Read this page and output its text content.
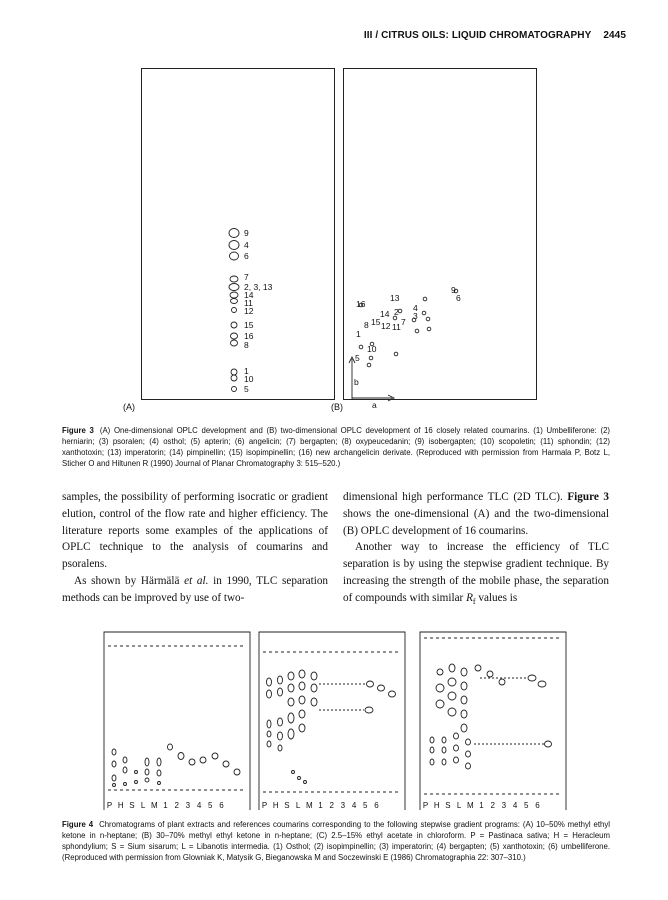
III / CITRUS OILS: LIQUID CHROMATOGRAPHY 2445
9
4
6
7
2, 3, 13
14
11
12
15
16
8
1
10
5
(A)
9
6
13
4
3
16
14 2
7
8 15 12 11
1
10
5
b
a
(B)
Figure 3 (A) One-dimensional OPLC development and (B) two-dimensional OPLC development of 16 closely related coumarins. (1) Umbelliferone: (2) herniarin; (3) psoralen; (4) osthol; (5) apterin; (6) angelicin; (7) bergapten; (8) oxypeucedanin; (9) isobergapten; (10) scopoletin; (11) sphondin; (12) xanthotoxin; (13) imperatorin; (14) pimpinellin; (15) isopimpinellin; (16) new archangelicin derivate. (Reproduced with permission from Harmala P, Botz L, Sticher O and Hiltunen R (1990) Journal of Planar Chromatography 3: 515–520.)

samples, the possibility of performing isocratic or gradient elution, control of the flow rate and higher efficiency. The literature reports some examples of the applications of OPLC technique to the analysis of coumarins and psoralens.

As shown by Härmälä et al. in 1990, TLC separation methods can be improved by use of two-

dimensional high performance TLC (2D TLC). Figure 3 shows the one-dimensional (A) and the two-dimensional (B) OPLC development of 16 coumarins.

Another way to increase the efficiency of TLC separation is by using the stepwise gradient technique. By increasing the strength of the mobile phase, the separation of compounds with similar $R_f$ values is

P H S L M 1 2 3 4 5 6	P H S L M 1 2 3 4 5 6	P H S L M 1 2 3 4 5 6
Figure 4 Chromatograms of plant extracts and references coumarins corresponding to the following stepwise gradient programs: (A) 10–50% methyl ethyl ketone in n-heptane; (B) 30–70% methyl ethyl ketone in n-heptane; (C) 2.5–15% ethyl acetate in chloroform. P = Pastinaca sativa; H = Heracleum sphondylium; S = Sium sisarum; L = Libanotis intermedia. (1) Osthol; (2) isopimpinellin; (3) imperatorin; (4) bergapten; (5) xanthotoxin; (6) umbelliferone. (Reproduced with permission from Glowniak K, Matysik G, Bieganowska M and Soczewinski E (1986) Chromatographia 22: 307–310.)
